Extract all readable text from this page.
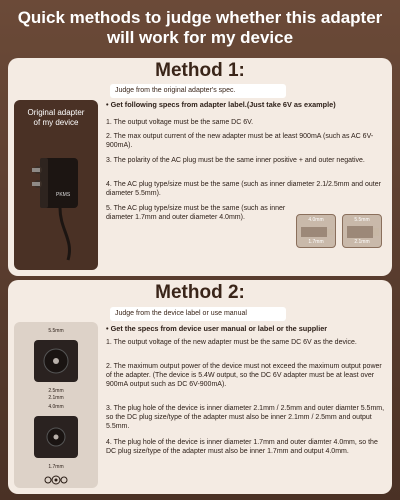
Quick methods to judge whether this adapter
will work for my device
Method 1:
Judge from the original adapter's spec.
Original adapter
of my device
PKMS
• Get following specs from adapter label.(Just take 6V as example)
1. The output voltage must be the same DC 6V.
2. The max output current of the new adapter must be at least 900mA (such as AC 6V-900mA).
3. The polarity of the AC plug must be the same inner positive + and outer negative.
4. The AC plug type/size must be the same (such as inner diameter 2.1/2.5mm and outer diameter 5.5mm).
5. The AC plug type/size must be the same (such as inner diameter 1.7mm and outer diameter 4.0mm).	4.0mm
1.7mm
5.5mm
2.1mm
Method 2:
Judge from the device label or use manual
5.5mm
2.5mm
2.1mm
4.0mm
1.7mm
• Get the specs from device user manual or label or the supplier
1. The output voltage of the new adapter must be the same DC 6V as the device.
2. The maximum output power of the device must not exceed the maximum output power of the adapter. (The device is 5.4W output, so the DC 6V adapter must be at least over 900mA output such as DC 6V-900mA).
3. The plug hole of the device is inner diameter 2.1mm / 2.5mm and outer diamter 5.5mm, so the DC plug size/type of the adapter must also be inner 2.1mm / 2.5mm and output 5.5mm.
4. The plug hole of the device is inner diameter 1.7mm and outer diamter 4.0mm, so the DC plug size/type of the adapter must also be inner 1.7mm and output 4.0mm.
